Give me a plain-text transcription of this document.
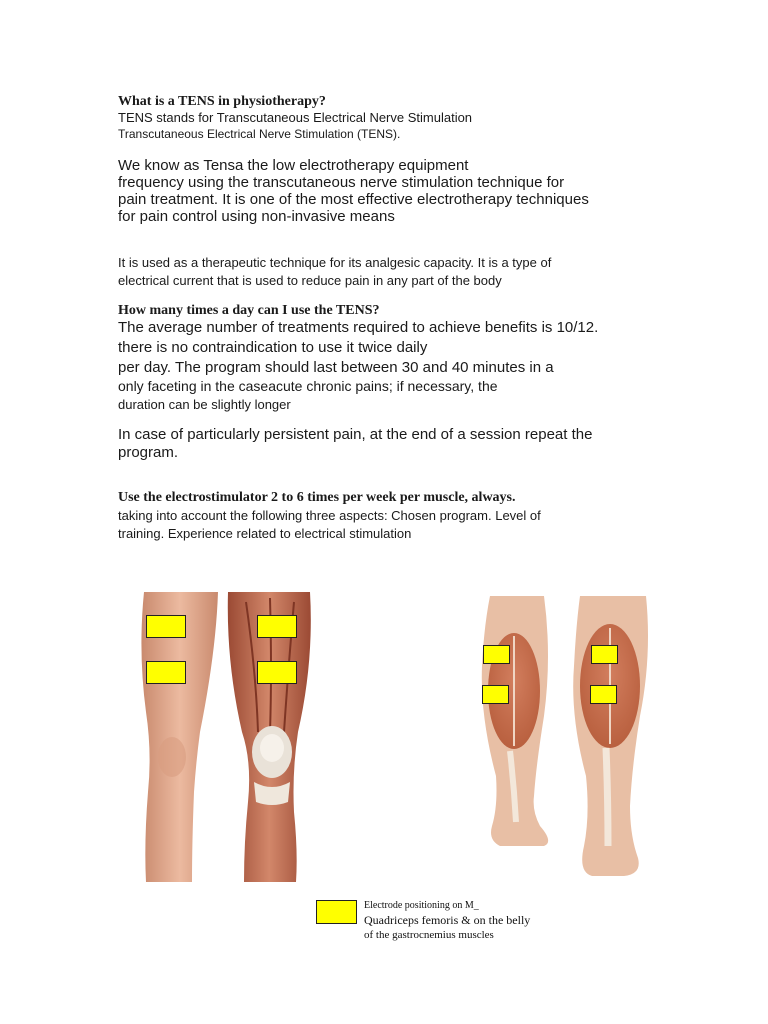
What is a TENS in physiotherapy?
TENS stands for Transcutaneous Electrical Nerve Stimulation
Transcutaneous Electrical Nerve Stimulation (TENS).
We know as Tensa the low electrotherapy equipment
frequency using the transcutaneous nerve stimulation technique for
pain treatment. It is one of the most effective electrotherapy techniques
for pain control using non-invasive means
It is used as a therapeutic technique for its analgesic capacity. It is a type of
electrical current that is used to reduce pain in any part of the body
How many times a day can I use the TENS?
The average number of treatments required to achieve benefits is 10/12.
there is no contraindication to use it twice daily
per day. The program should last between 30 and 40 minutes in a
only faceting in the caseacute chronic pains; if necessary, the
duration can be slightly longer
In case of particularly persistent pain, at the end of a session repeat the
program.
Use the electrostimulator 2 to 6 times per week per muscle, always.
taking into account the following three aspects: Chosen program. Level of
training. Experience related to electrical stimulation
Electrode positioning on M_
Quadriceps femoris & on the belly
of the gastrocnemius muscles
